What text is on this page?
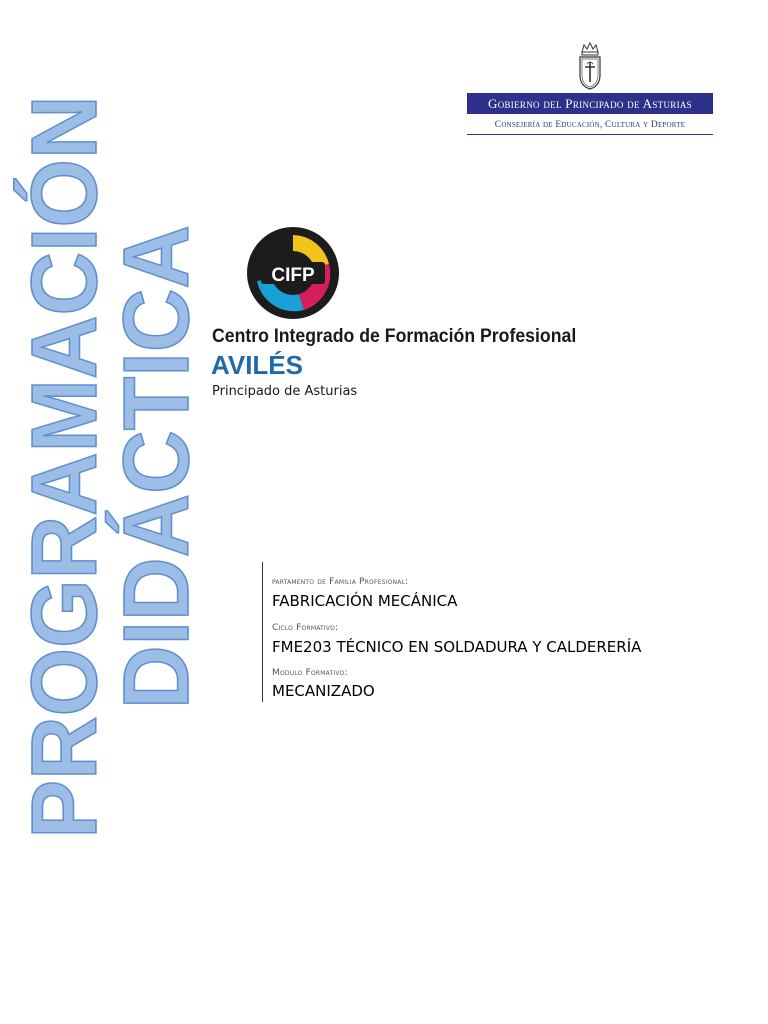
PROGRAMACIÓN
DIDÁCTICA
Gobierno del Principado de Asturias
Consejería de Educación, Cultura y Deporte
CIFP
Centro Integrado de Formación Profesional
AVILÉS
Principado de Asturias
partamento de Familia Profesional:
FABRICACIÓN MECÁNICA
Ciclo Formativo:
FME203 TÉCNICO EN SOLDADURA Y CALDERERÍA
Modulo Formativo:
MECANIZADO
